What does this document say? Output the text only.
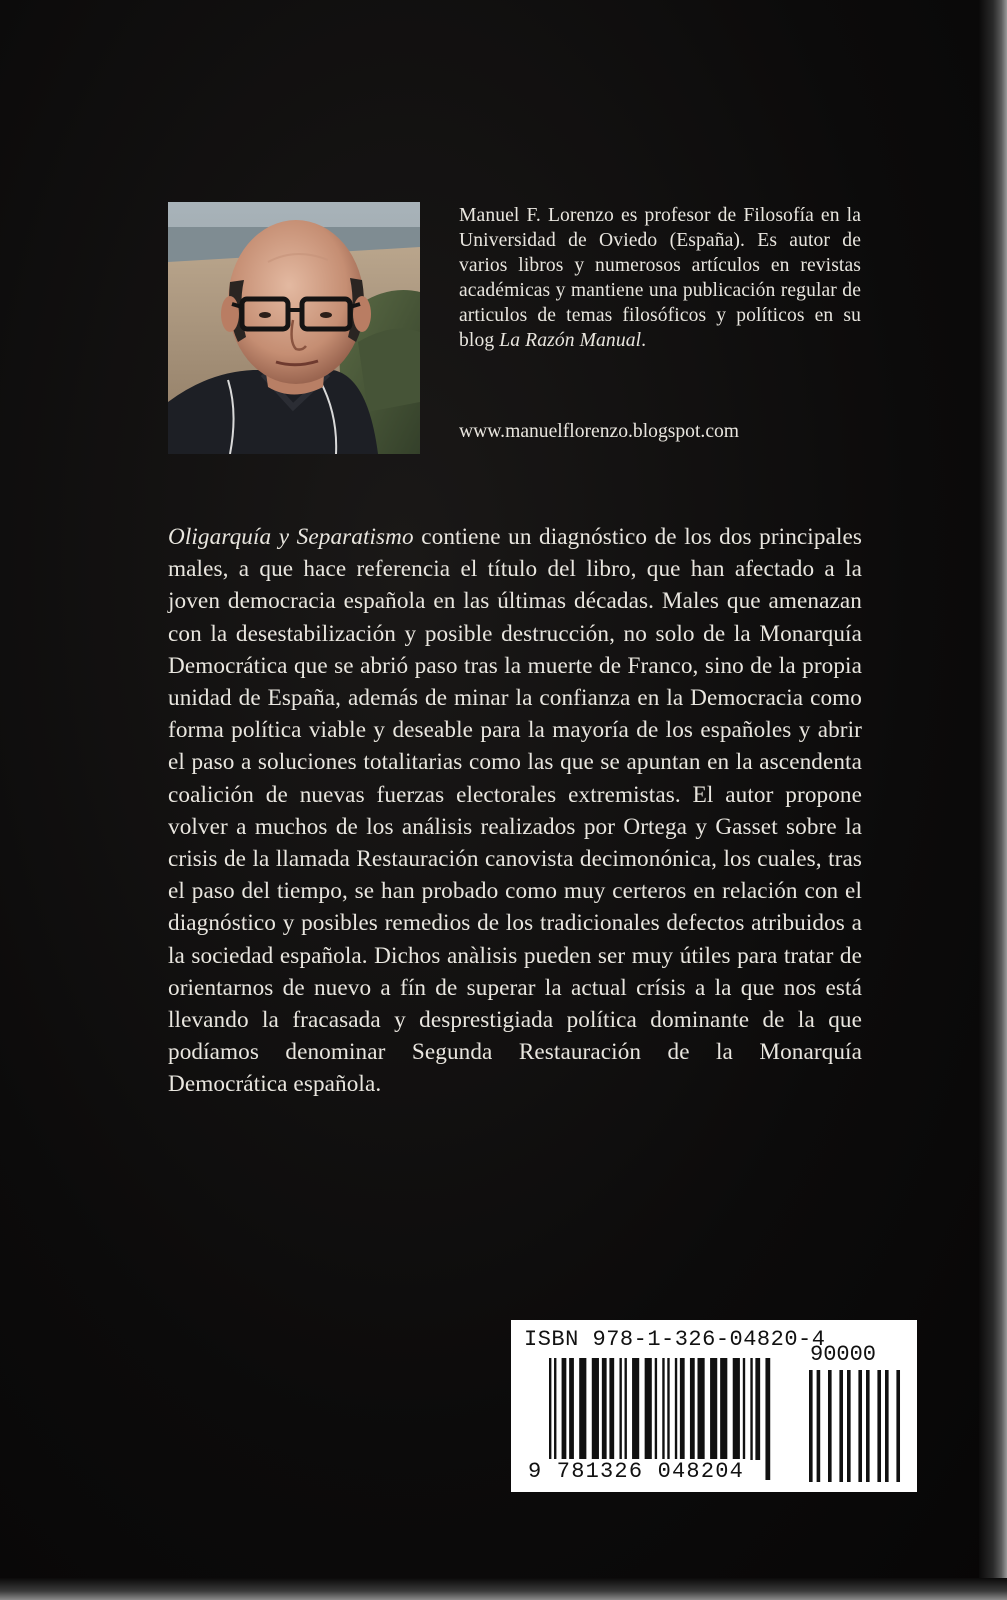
Manuel F. Lorenzo es profesor de Filosofía en la Universidad de Oviedo (España). Es autor de varios libros y numerosos artículos en revistas académicas y mantiene una publicación regular de articulos de temas filosóficos y políticos en su blog La Razón Manual.

www.manuelflorenzo.blogspot.com

Oligarquía y Separatismo contiene un diagnóstico de los dos principales males, a que hace referencia el título del libro, que han afectado a la joven democracia española en las últimas décadas. Males que amenazan con la desestabilización y posible destrucción, no solo de la Monarquía Democrática que se abrió paso tras la muerte de Franco, sino de la propia unidad de España, además de minar la confianza en la Democracia como forma política viable y deseable para la mayoría de los españoles y abrir el paso a soluciones totalitarias como las que se apuntan en la ascendenta coalición de nuevas fuerzas electorales extremistas. El autor propone volver a muchos de los análisis realizados por Ortega y Gasset sobre la crisis de la llamada Restauración canovista decimonónica, los cuales, tras el paso del tiempo, se han probado como muy certeros en relación con el diagnóstico y posibles remedios de los tradicionales defectos atribuidos a la sociedad española. Dichos anàlisis pueden ser muy útiles para tratar de orientarnos de nuevo a fín de superar la actual crísis a la que nos está llevando la fracasada y desprestigiada política dominante de la que podíamos denominar Segunda Restauración de la Monarquía Democrática española.

ISBN 978-1-326-04820-4
90000
9 781326 048204
